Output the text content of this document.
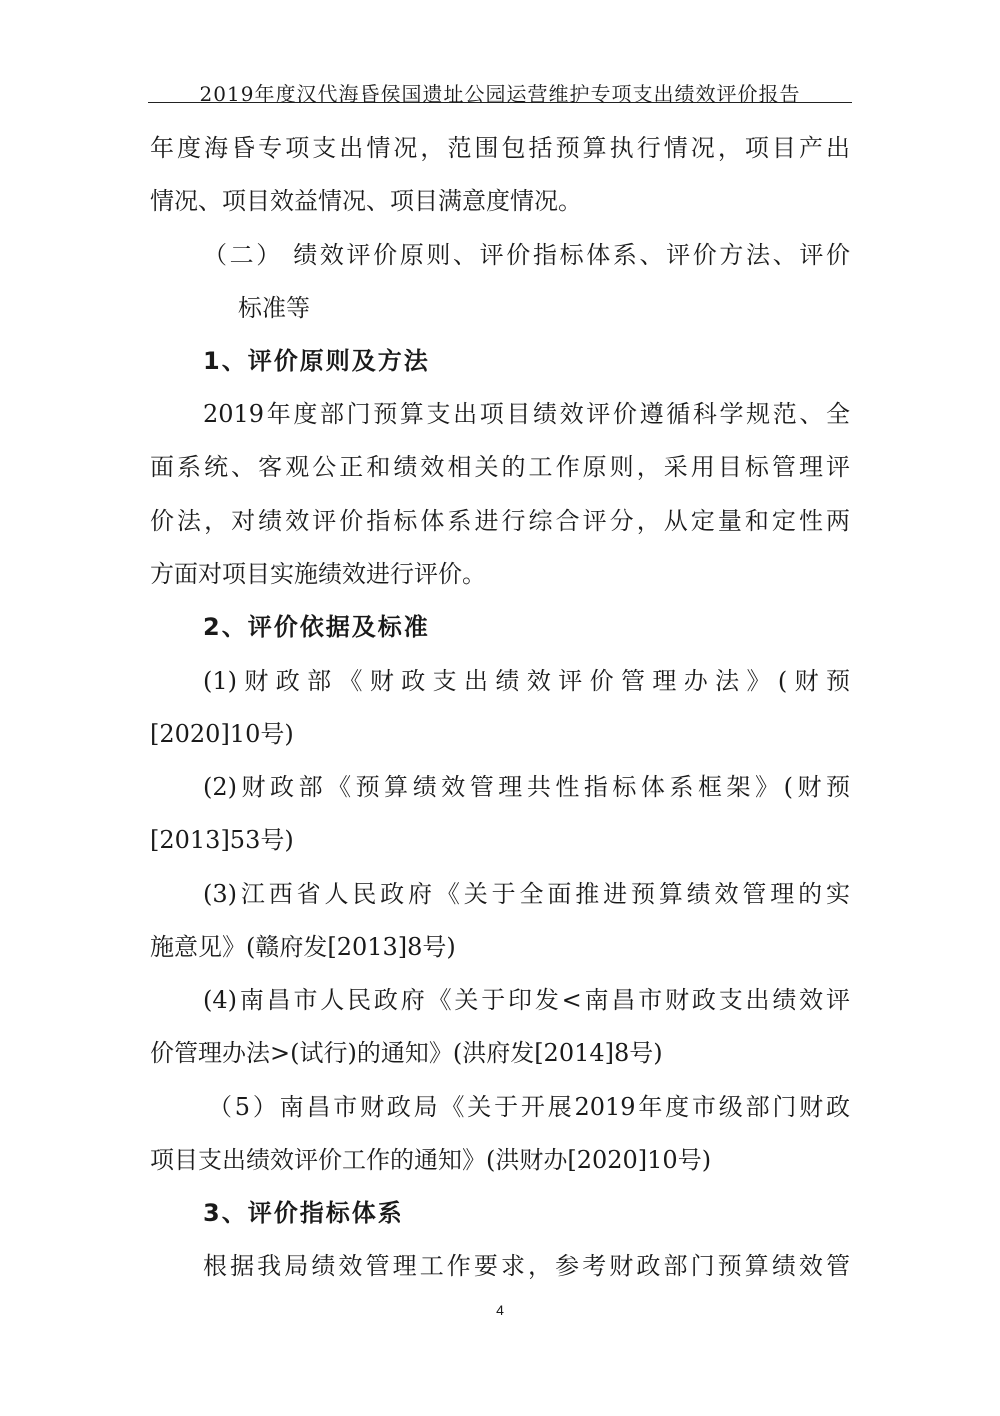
2019年度汉代海昏侯国遗址公园运营维护专项支出绩效评价报告
年度海昏专项支出情况，范围包括预算执行情况，项目产出
情况、项目效益情况、项目满意度情况。
（二） 绩效评价原则、评价指标体系、评价方法、评价
标准等
1、评价原则及方法
2019年度部门预算支出项目绩效评价遵循科学规范、全
面系统、客观公正和绩效相关的工作原则，采用目标管理评
价法，对绩效评价指标体系进行综合评分，从定量和定性两
方面对项目实施绩效进行评价。
2、评价依据及标准
(1)财政部《财政支出绩效评价管理办法》(财预
[2020]10号)
(2)财政部《预算绩效管理共性指标体系框架》(财预
[2013]53号)
(3)江西省人民政府《关于全面推进预算绩效管理的实
施意见》(赣府发[2013]8号)
(4)南昌市人民政府《关于印发<南昌市财政支出绩效评
价管理办法>(试行)的通知》(洪府发[2014]8号)
（5）南昌市财政局《关于开展2019年度市级部门财政
项目支出绩效评价工作的通知》(洪财办[2020]10号)
3、评价指标体系
根据我局绩效管理工作要求，参考财政部门预算绩效管
4
